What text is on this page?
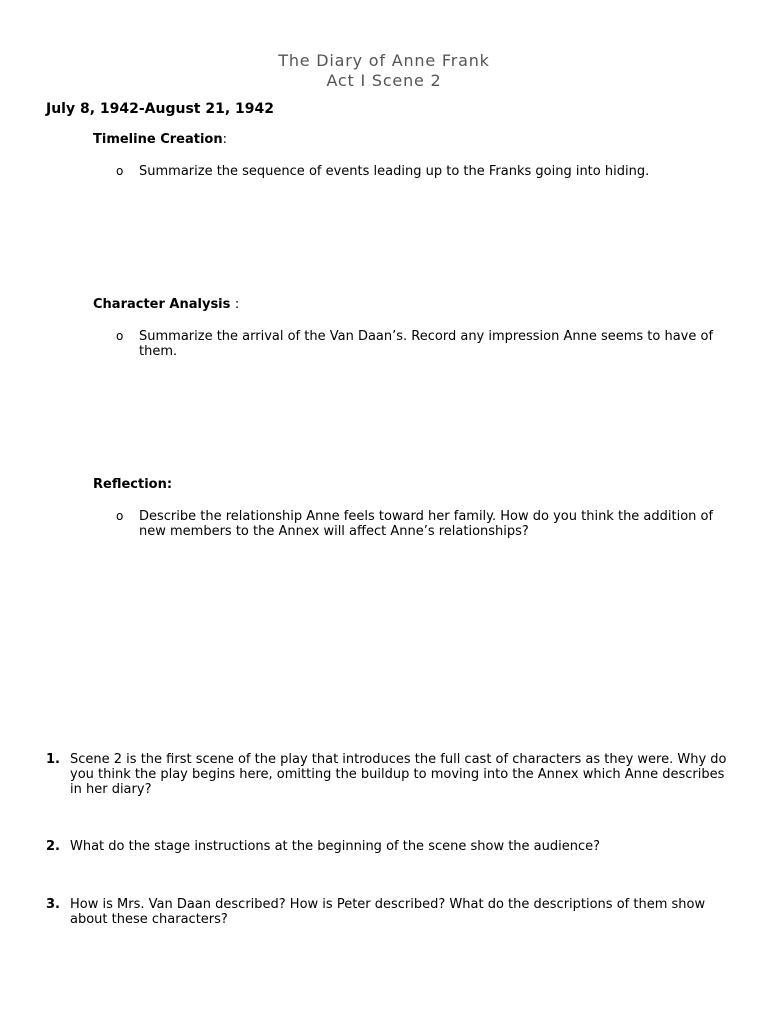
The Diary of Anne Frank
Act I Scene 2
July 8, 1942-August 21, 1942
Timeline Creation:
o Summarize the sequence of events leading up to the Franks going into hiding.
Character Analysis :
o Summarize the arrival of the Van Daan’s. Record any impression Anne seems to have of them.
Reflection:
o Describe the relationship Anne feels toward her family. How do you think the addition of new members to the Annex will affect Anne’s relationships?
1. Scene 2 is the first scene of the play that introduces the full cast of characters as they were. Why do you think the play begins here, omitting the buildup to moving into the Annex which Anne describes in her diary?
2. What do the stage instructions at the beginning of the scene show the audience?
3. How is Mrs. Van Daan described? How is Peter described? What do the descriptions of them show about these characters?
